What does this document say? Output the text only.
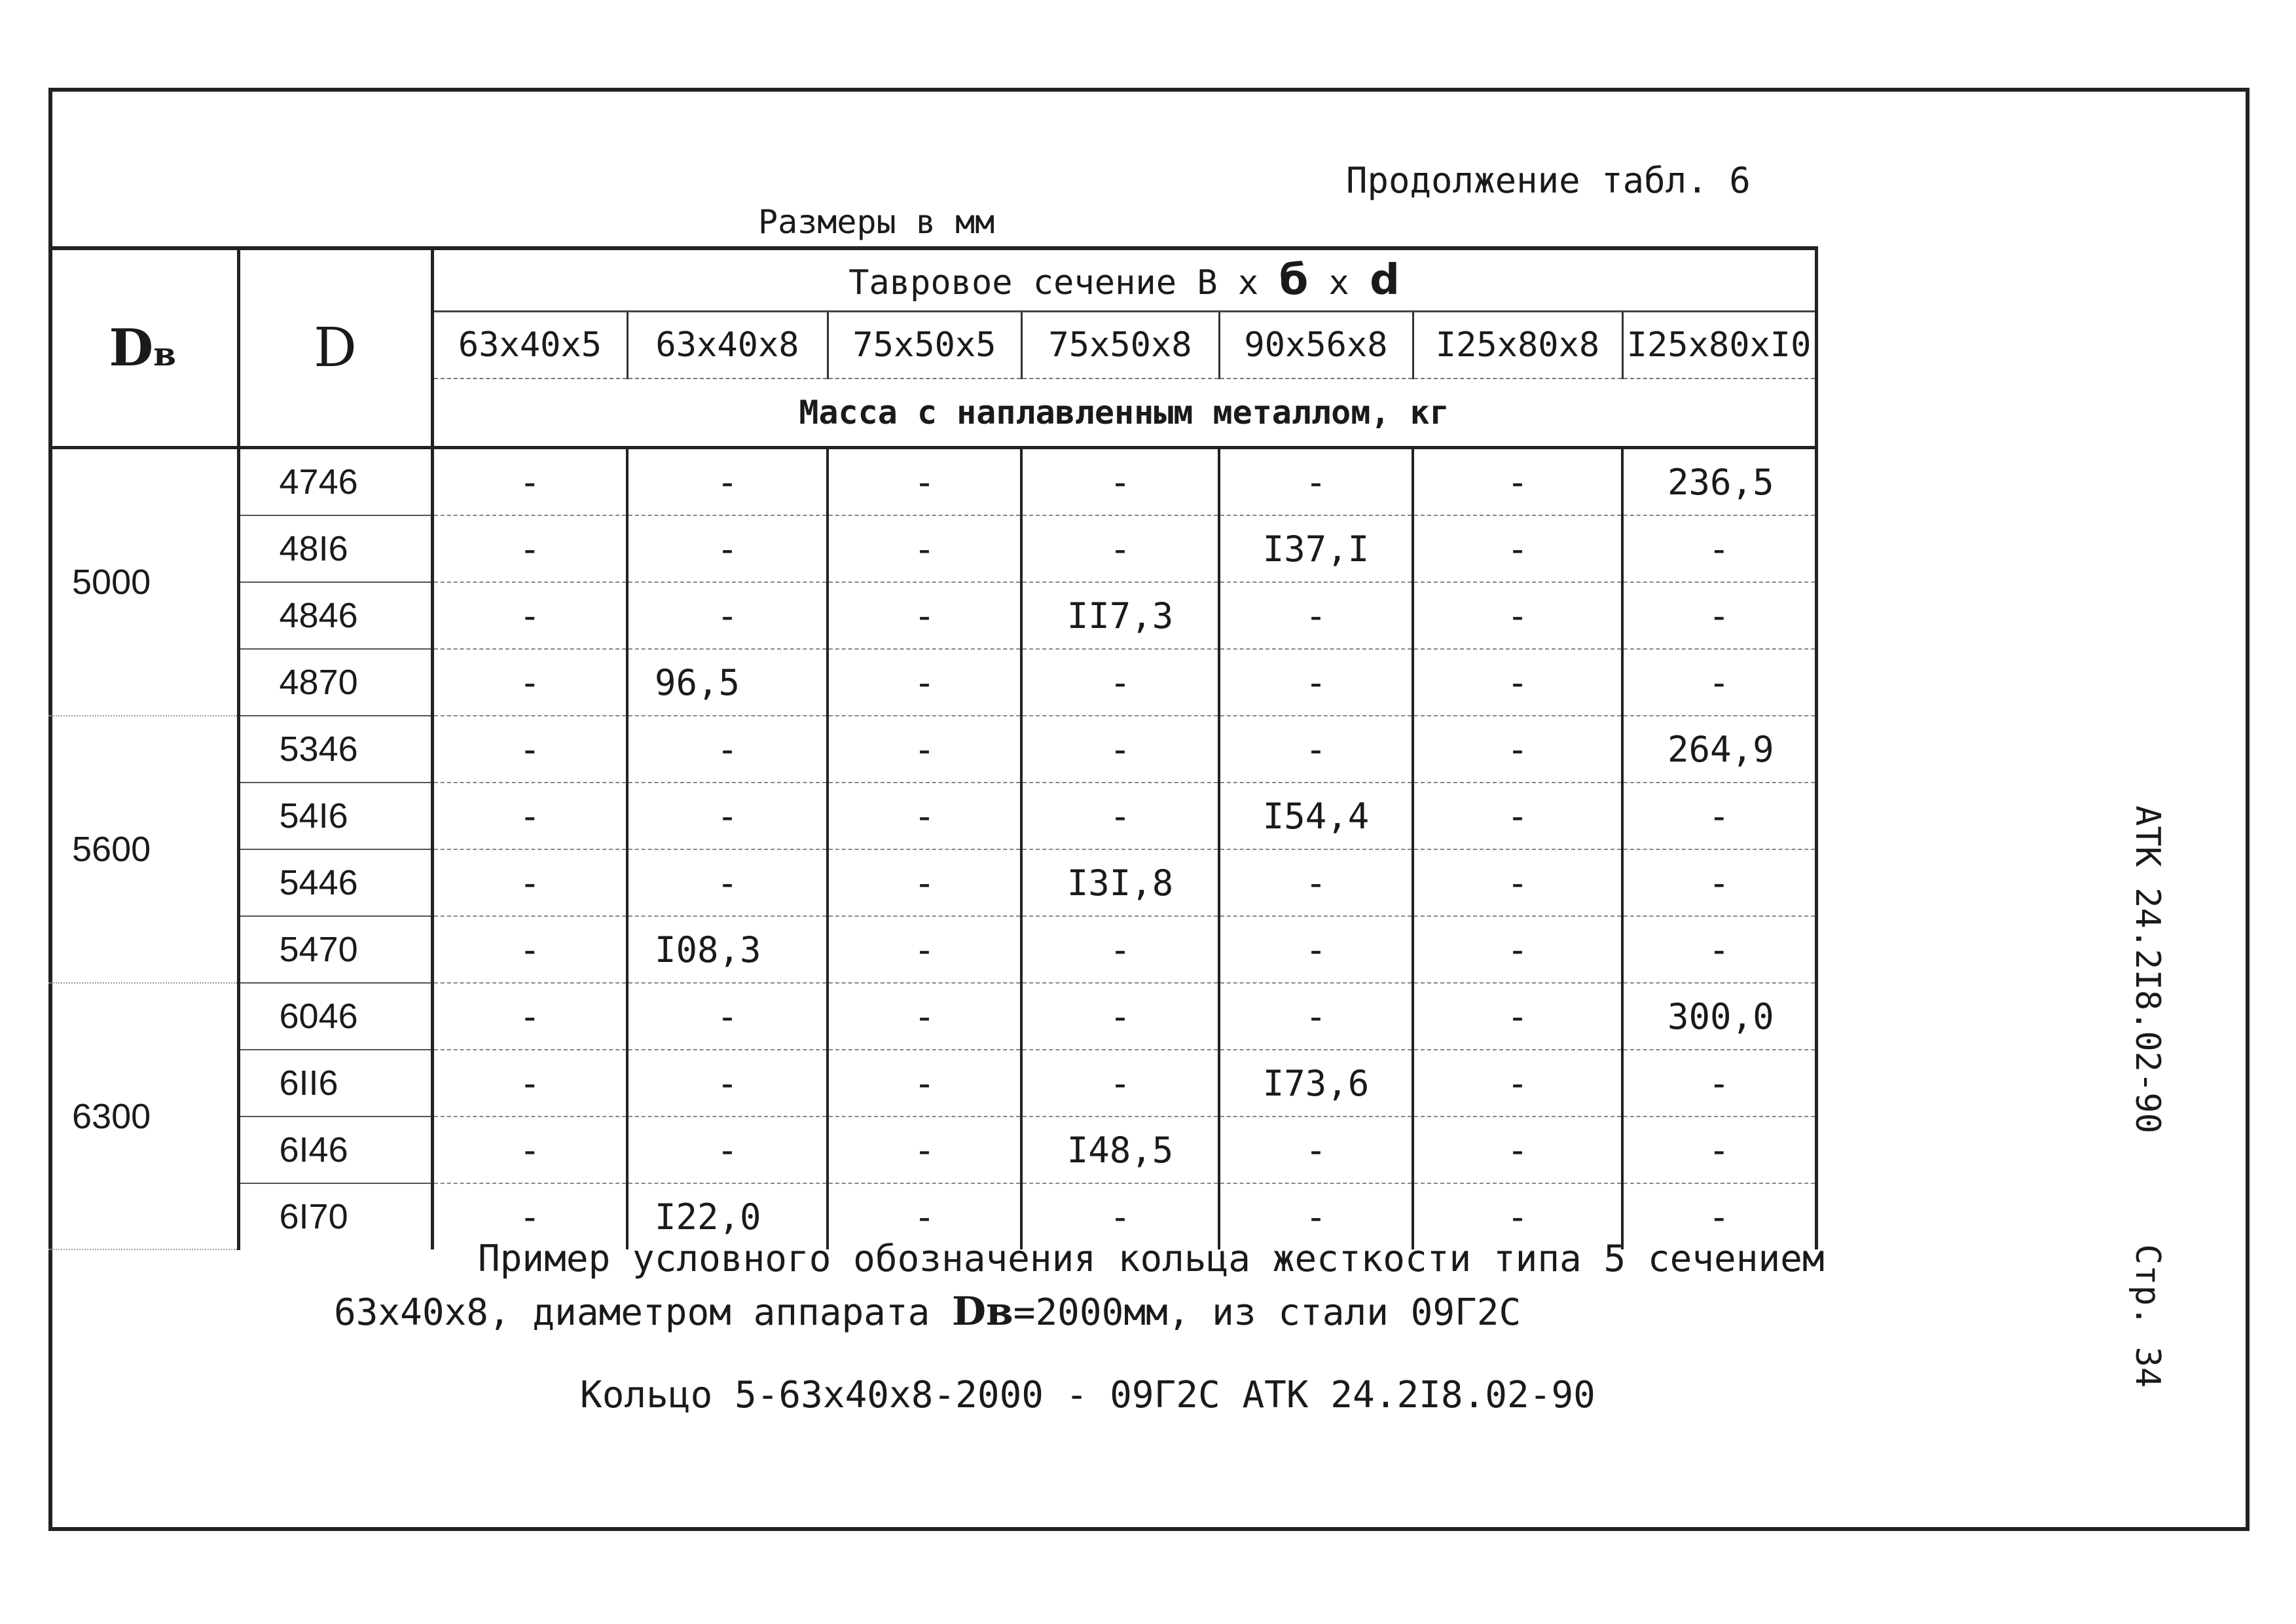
Продолжение табл. 6
Размеры в мм
Dв	D	Тавровое сечение В х б х d						
		63x40x5	63x40x8	75x50x5	75x50x8	90x56x8	I25x80x8	I25x80xI0
		Масса с наплавленным металлом, кг						
5000	4746	-	-	-	-	-	-	236,5
	48I6	-	-	-	-	I37,I	-	-
	4846	-	-	-	II7,3	-	-	-
	4870	-	96,5	-	-	-	-	-
5600	5346	-	-	-	-	-	-	264,9
	54I6	-	-	-	-	I54,4	-	-
	5446	-	-	-	I3I,8	-	-	-
	5470	-	I08,3	-	-	-	-	-
6300	6046	-	-	-	-	-	-	300,0
	6II6	-	-	-	-	I73,6	-	-
	6I46	-	-	-	I48,5	-	-	-
	6I70	-	I22,0	-	-	-	-	-
Пример условного обозначения кольца жесткости типа 5 сечением
63x40x8, диаметром аппарата Dв=2000мм, из стали 09Г2С
Кольцо 5-63x40x8-2000 - 09Г2С АТК 24.2I8.02-90
АТК 24.2I8.02-90
Стр. 34
